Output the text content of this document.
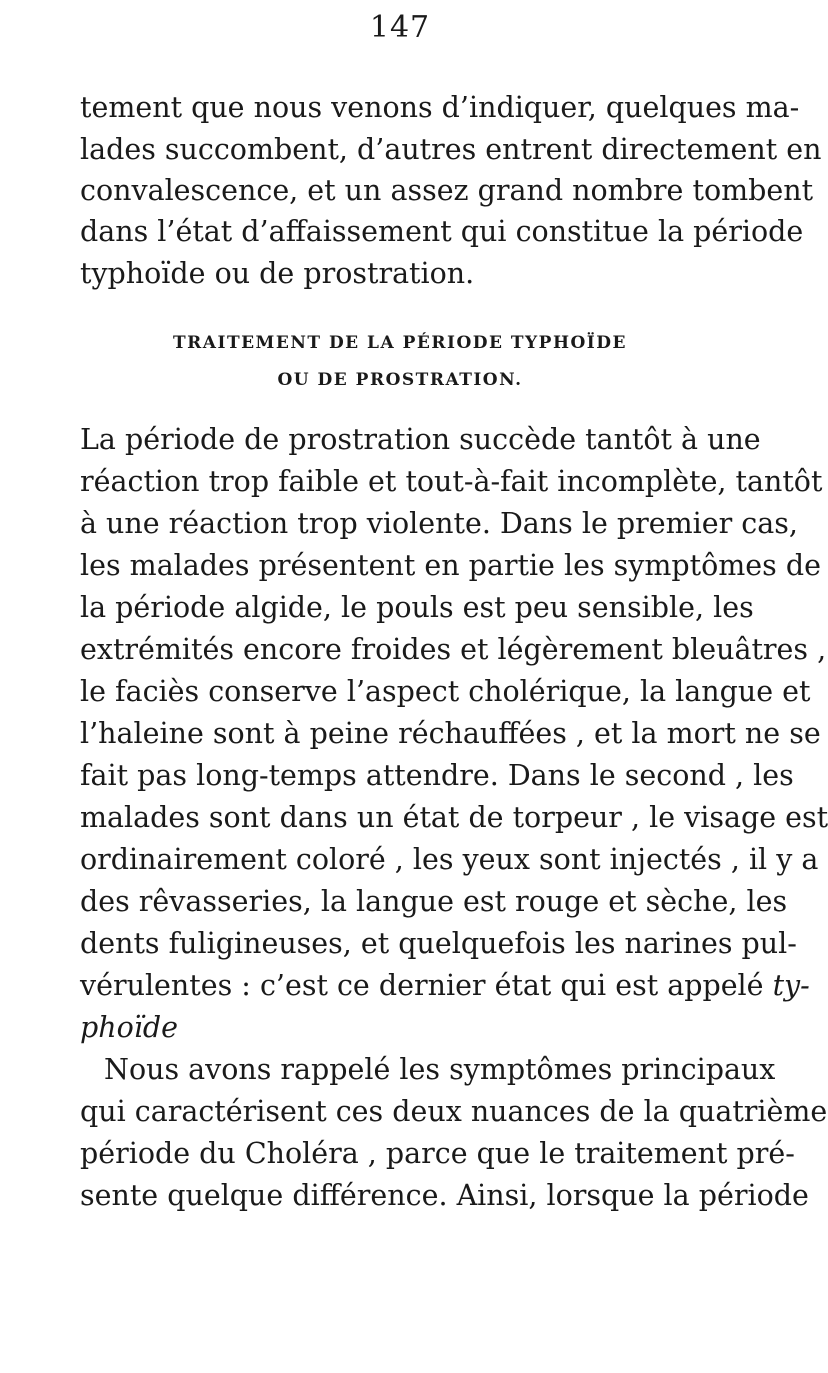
147
tement que nous venons d’indiquer, quelques ma-
lades succombent, d’autres entrent directement en
convalescence, et un assez grand nombre tombent
dans l’état d’affaissement qui constitue la période
typhoïde ou de prostration.
TRAITEMENT DE LA PÉRIODE TYPHOÏDE
OU DE PROSTRATION.
La période de prostration succède tantôt à une
réaction trop faible et tout-à-fait incomplète, tantôt
à une réaction trop violente. Dans le premier cas,
les malades présentent en partie les symptômes de
la période algide, le pouls est peu sensible, les
extrémités encore froides et légèrement bleuâtres ,
le faciès conserve l’aspect cholérique, la langue et
l’haleine sont à peine réchauffées , et la mort ne se
fait pas long-temps attendre. Dans le second , les
malades sont dans un état de torpeur , le visage est
ordinairement coloré , les yeux sont injectés , il y a
des rêvasseries, la langue est rouge et sèche, les
dents fuligineuses, et quelquefois les narines pul-
vérulentes : c’est ce dernier état qui est appelé ty-
phoïde
Nous avons rappelé les symptômes principaux
qui caractérisent ces deux nuances de la quatrième
période du Choléra , parce que le traitement pré-
sente quelque différence. Ainsi, lorsque la période
